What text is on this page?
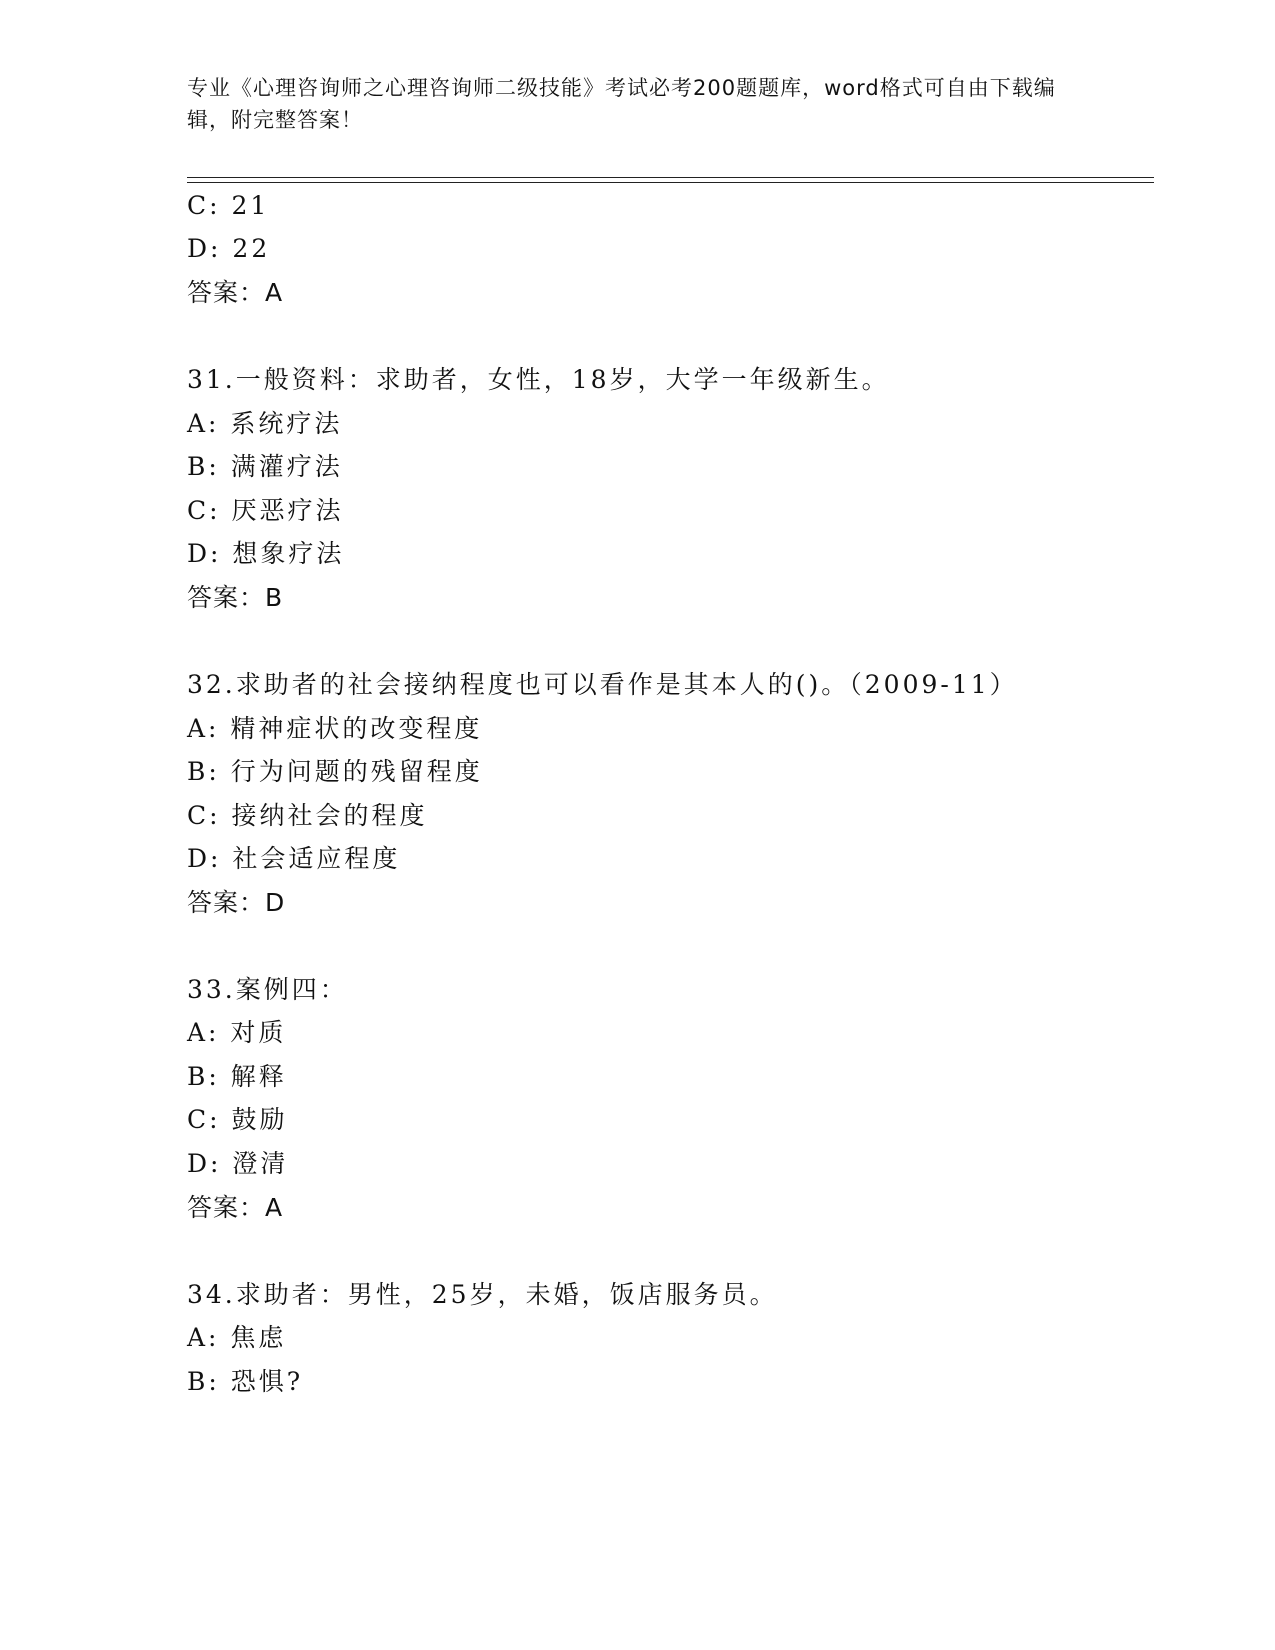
专业《心理咨询师之心理咨询师二级技能》考试必考200题题库，word格式可自由下载编辑，附完整答案！
C: 21
D: 22
答案：A
31.一般资料：求助者，女性，18岁，大学一年级新生。
A: 系统疗法
B: 满灌疗法
C: 厌恶疗法
D: 想象疗法
答案：B
32.求助者的社会接纳程度也可以看作是其本人的()。（2009-11）
A: 精神症状的改变程度
B: 行为问题的残留程度
C: 接纳社会的程度
D: 社会适应程度
答案：D
33.案例四：
A: 对质
B: 解释
C: 鼓励
D: 澄清
答案：A
34.求助者：男性，25岁，未婚，饭店服务员。
A: 焦虑
B: 恐惧?
